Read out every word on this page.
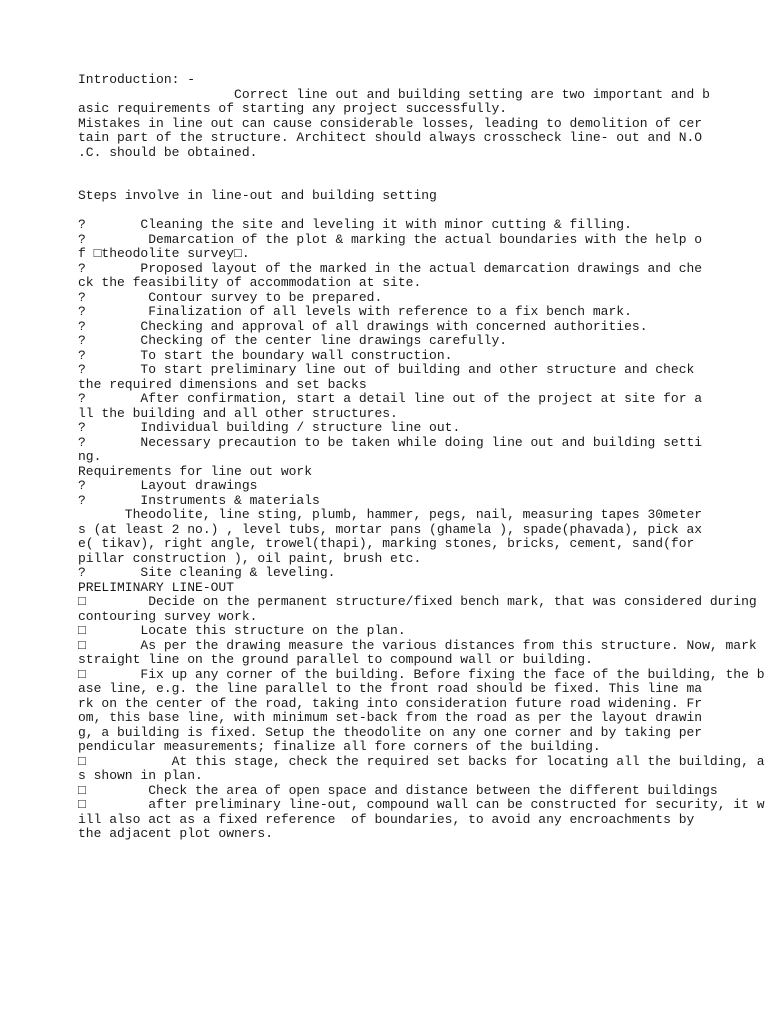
Introduction: -

Correct line out and building setting are two important and b

asic requirements of starting any project successfully.

Mistakes in line out can cause considerable losses, leading to demolition of cer

tain part of the structure. Architect should always crosscheck line- out and N.O

.C. should be obtained.

Steps involve in line-out and building setting

?       Cleaning the site and leveling it with minor cutting & filling.

?        Demarcation of the plot & marking the actual boundaries with the help o

f □theodolite survey□.

?       Proposed layout of the marked in the actual demarcation drawings and che

ck the feasibility of accommodation at site.

?        Contour survey to be prepared.

?        Finalization of all levels with reference to a fix bench mark.

?       Checking and approval of all drawings with concerned authorities.

?       Checking of the center line drawings carefully.

?       To start the boundary wall construction.

?       To start preliminary line out of building and other structure and check

the required dimensions and set backs

?       After confirmation, start a detail line out of the project at site for a

ll the building and all other structures.

?       Individual building / structure line out.

?       Necessary precaution to be taken while doing line out and building setti

ng.

Requirements for line out work

?       Layout drawings

?       Instruments & materials

Theodolite, line sting, plumb, hammer, pegs, nail, measuring tapes 30meter

s (at least 2 no.) , level tubs, mortar pans (ghamela ), spade(phavada), pick ax

e( tikav), right angle, trowel(thapi), marking stones, bricks, cement, sand(for

pillar construction ), oil paint, brush etc.

?       Site cleaning & leveling.

PRELIMINARY LINE-OUT

□        Decide on the permanent structure/fixed bench mark, that was considered during

contouring survey work.

□       Locate this structure on the plan.

□       As per the drawing measure the various distances from this structure. Now, mark

straight line on the ground parallel to compound wall or building.

□       Fix up any corner of the building. Before fixing the face of the building, the b

ase line, e.g. the line parallel to the front road should be fixed. This line ma

rk on the center of the road, taking into consideration future road widening. Fr

om, this base line, with minimum set-back from the road as per the layout drawin

g, a building is fixed. Setup the theodolite on any one corner and by taking per

pendicular measurements; finalize all fore corners of the building.

□           At this stage, check the required set backs for locating all the building, a

s shown in plan.

□        Check the area of open space and distance between the different buildings

□        after preliminary line-out, compound wall can be constructed for security, it w

ill also act as a fixed reference  of boundaries, to avoid any encroachments by

the adjacent plot owners.
